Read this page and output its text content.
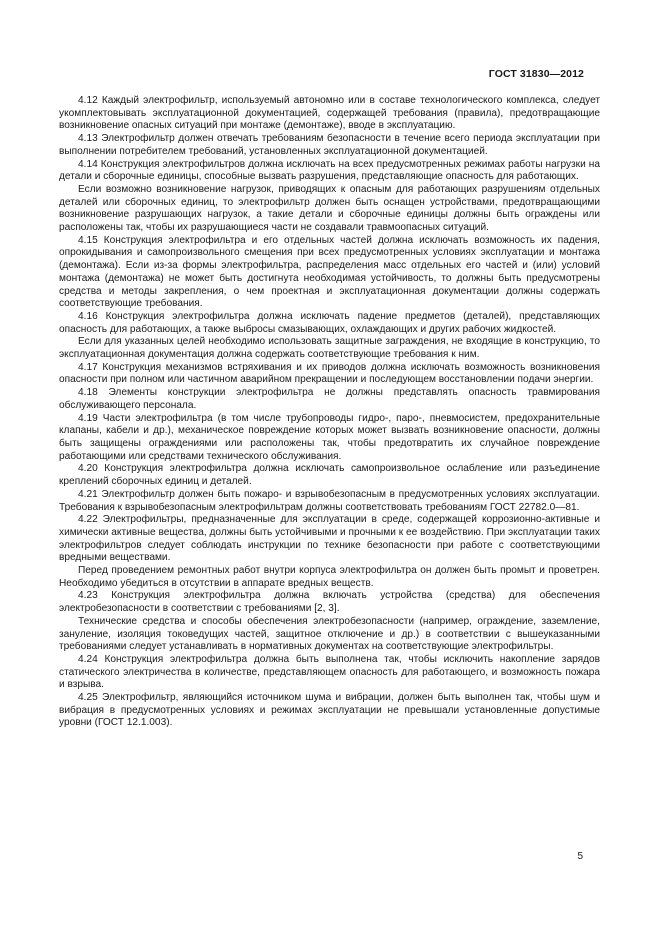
ГОСТ 31830—2012

4.12 Каждый электрофильтр, используемый автономно или в составе технологического комплекса, следует укомплектовывать эксплуатационной документацией, содержащей требования (правила), предотвращающие возникновение опасных ситуаций при монтаже (демонтаже), вводе в эксплуатацию.

4.13 Электрофильтр должен отвечать требованиям безопасности в течение всего периода эксплуатации при выполнении потребителем требований, установленных эксплуатационной документацией.

4.14 Конструкция электрофильтров должна исключать на всех предусмотренных режимах работы нагрузки на детали и сборочные единицы, способные вызвать разрушения, представляющие опасность для работающих.

Если возможно возникновение нагрузок, приводящих к опасным для работающих разрушениям отдельных деталей или сборочных единиц, то электрофильтр должен быть оснащен устройствами, предотвращающими возникновение разрушающих нагрузок, а такие детали и сборочные единицы должны быть ограждены или расположены так, чтобы их разрушающиеся части не создавали травмоопасных ситуаций.

4.15 Конструкция электрофильтра и его отдельных частей должна исключать возможность их падения, опрокидывания и самопроизвольного смещения при всех предусмотренных условиях эксплуатации и монтажа (демонтажа). Если из-за формы электрофильтра, распределения масс отдельных его частей и (или) условий монтажа (демонтажа) не может быть достигнута необходимая устойчивость, то должны быть предусмотрены средства и методы закрепления, о чем проектная и эксплуатационная документации должны содержать соответствующие требования.

4.16 Конструкция электрофильтра должна исключать падение предметов (деталей), представляющих опасность для работающих, а также выбросы смазывающих, охлаждающих и других рабочих жидкостей.

Если для указанных целей необходимо использовать защитные заграждения, не входящие в конструкцию, то эксплуатационная документация должна содержать соответствующие требования к ним.

4.17 Конструкция механизмов встряхивания и их приводов должна исключать возможность возникновения опасности при полном или частичном аварийном прекращении и последующем восстановлении подачи энергии.

4.18 Элементы конструкции электрофильтра не должны представлять опасность травмирования обслуживающего персонала.

4.19 Части электрофильтра (в том числе трубопроводы гидро-, паро-, пневмосистем, предохранительные клапаны, кабели и др.), механическое повреждение которых может вызвать возникновение опасности, должны быть защищены ограждениями или расположены так, чтобы предотвратить их случайное повреждение работающими или средствами технического обслуживания.

4.20 Конструкция электрофильтра должна исключать самопроизвольное ослабление или разъединение креплений сборочных единиц и деталей.

4.21 Электрофильтр должен быть пожаро- и взрывобезопасным в предусмотренных условиях эксплуатации. Требования к взрывобезопасным электрофильтрам должны соответствовать требованиям ГОСТ 22782.0—81.

4.22 Электрофильтры, предназначенные для эксплуатации в среде, содержащей коррозионно-активные и химически активные вещества, должны быть устойчивыми и прочными к ее воздействию. При эксплуатации таких электрофильтров следует соблюдать инструкции по технике безопасности при работе с соответствующими вредными веществами.

Перед проведением ремонтных работ внутри корпуса электрофильтра он должен быть промыт и проветрен. Необходимо убедиться в отсутствии в аппарате вредных веществ.

4.23 Конструкция электрофильтра должна включать устройства (средства) для обеспечения электробезопасности в соответствии с требованиями [2, 3].

Технические средства и способы обеспечения электробезопасности (например, ограждение, заземление, зануление, изоляция токоведущих частей, защитное отключение и др.) в соответствии с вышеуказанными требованиями следует устанавливать в нормативных документах на соответствующие электрофильтры.

4.24 Конструкция электрофильтра должна быть выполнена так, чтобы исключить накопление зарядов статического электричества в количестве, представляющем опасность для работающего, и возможность пожара и взрыва.

4.25 Электрофильтр, являющийся источником шума и вибрации, должен быть выполнен так, чтобы шум и вибрация в предусмотренных условиях и режимах эксплуатации не превышали установленные допустимые уровни (ГОСТ 12.1.003).

5
